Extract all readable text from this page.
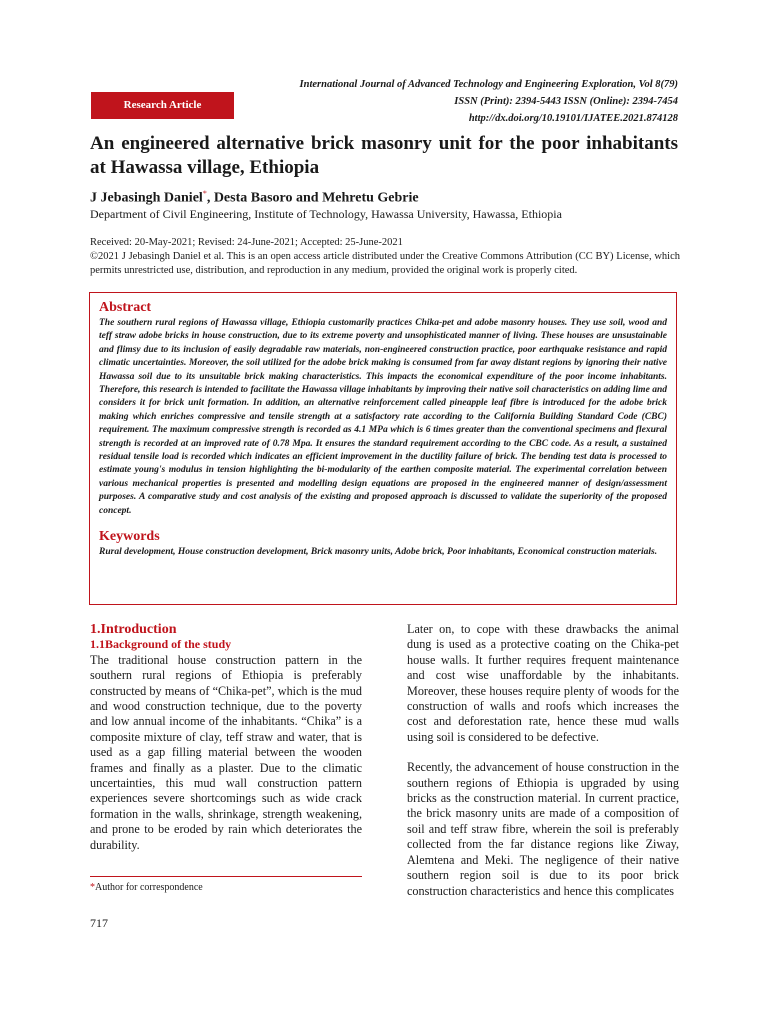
International Journal of Advanced Technology and Engineering Exploration, Vol 8(79)
ISSN (Print): 2394-5443 ISSN (Online): 2394-7454
http://dx.doi.org/10.19101/IJATEE.2021.874128
Research Article
An engineered alternative brick masonry unit for the poor inhabitants at Hawassa village, Ethiopia
J Jebasingh Daniel*, Desta Basoro and Mehretu Gebrie
Department of Civil Engineering, Institute of Technology, Hawassa University, Hawassa, Ethiopia

Received: 20-May-2021; Revised: 24-June-2021; Accepted: 25-June-2021

©2021 J Jebasingh Daniel et al. This is an open access article distributed under the Creative Commons Attribution (CC BY) License, which permits unrestricted use, distribution, and reproduction in any medium, provided the original work is properly cited.

Abstract

The southern rural regions of Hawassa village, Ethiopia customarily practices Chika-pet and adobe masonry houses. They use soil, wood and teff straw adobe bricks in house construction, due to its extreme poverty and unsophisticated manner of living. These houses are unsustainable and flimsy due to its inclusion of easily degradable raw materials, non-engineered construction practice, poor earthquake resistance and rapid climatic uncertainties. Moreover, the soil utilized for the adobe brick making is consumed from far away distant regions by ignoring their native Hawassa soil due to its unsuitable brick making characteristics. This impacts the economical expenditure of the poor income inhabitants. Therefore, this research is intended to facilitate the Hawassa village inhabitants by improving their native soil characteristics on adding lime and considers it for brick unit formation. In addition, an alternative reinforcement called pineapple leaf fibre is introduced for the adobe brick making which enriches compressive and tensile strength at a satisfactory rate according to the California Building Standard Code (CBC) requirement. The maximum compressive strength is recorded as 4.1 MPa which is 6 times greater than the conventional specimens and flexural strength is recorded at an improved rate of 0.78 Mpa. It ensures the standard requirement according to the CBC code. As a result, a sustained residual tensile load is recorded which indicates an efficient improvement in the ductility failure of brick. The bending test data is processed to estimate young's modulus in tension highlighting the bi-modularity of the earthen composite material. The experimental correlation between various mechanical properties is presented and modelling design equations are proposed in the engineered manner of design/assessment purposes. A comparative study and cost analysis of the existing and proposed approach is discussed to validate the superiority of the proposed concept.

Keywords

Rural development, House construction development, Brick masonry units, Adobe brick, Poor inhabitants, Economical construction materials.

1.Introduction
1.1Background of the study

The traditional house construction pattern in the southern rural regions of Ethiopia is preferably constructed by means of “Chika-pet”, which is the mud and wood construction technique, due to the poverty and low annual income of the inhabitants. “Chika” is a composite mixture of clay, teff straw and water, that is used as a gap filling material between the wooden frames and finally as a plaster. Due to the climatic uncertainties, this mud wall construction pattern experiences severe shortcomings such as wide crack formation in the walls, shrinkage, strength weakening, and prone to be eroded by rain which deteriorates the durability.

Later on, to cope with these drawbacks the animal dung is used as a protective coating on the Chika-pet house walls. It further requires frequent maintenance and cost wise unaffordable by the inhabitants. Moreover, these houses require plenty of woods for the construction of walls and roofs which increases the cost and deforestation rate, hence these mud walls using soil is considered to be defective.

Recently, the advancement of house construction in the southern regions of Ethiopia is upgraded by using bricks as the construction material. In current practice, the brick masonry units are made of a composition of soil and teff straw fibre, wherein the soil is preferably collected from the far distance regions like Ziway, Alemtena and Meki. The negligence of their native southern region soil is due to its poor brick construction characteristics and hence this complicates

*Author for correspondence
717
